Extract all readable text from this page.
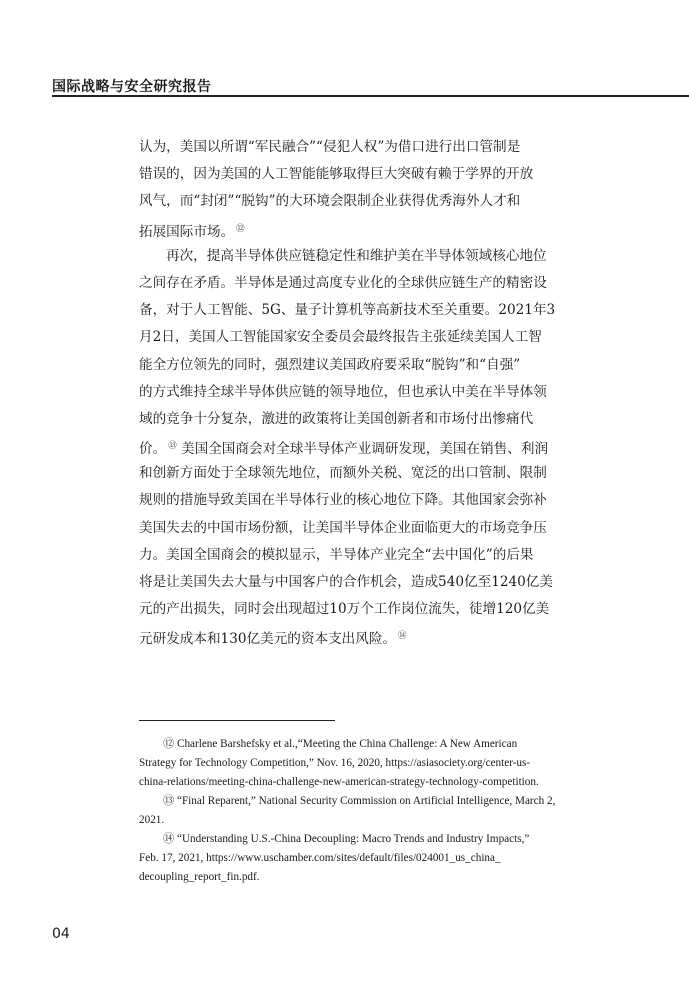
国际战略与安全研究报告
认为，美国以所谓“军民融合”“侵犯人权”为借口进行出口管制是
错误的，因为美国的人工智能能够取得巨大突破有赖于学界的开放
风气，而“封闭”“脱钩”的大环境会限制企业获得优秀海外人才和
拓展国际市场。 ⑫
再次，提高半导体供应链稳定性和维护美在半导体领域核心地位
之间存在矛盾。半导体是通过高度专业化的全球供应链生产的精密设
备，对于人工智能、5G、量子计算机等高新技术至关重要。2021年3
月2日，美国人工智能国家安全委员会最终报告主张延续美国人工智
能全方位领先的同时，强烈建议美国政府要采取“脱钩”和“自强”
的方式维持全球半导体供应链的领导地位，但也承认中美在半导体领
域的竞争十分复杂，激进的政策将让美国创新者和市场付出惨痛代
价。 ⑬ 美国全国商会对全球半导体产业调研发现，美国在销售、利润
和创新方面处于全球领先地位，而额外关税、宽泛的出口管制、限制
规则的措施导致美国在半导体行业的核心地位下降。其他国家会弥补
美国失去的中国市场份额，让美国半导体企业面临更大的市场竞争压
力。美国全国商会的模拟显示，半导体产业完全“去中国化”的后果
将是让美国失去大量与中国客户的合作机会，造成540亿至1240亿美
元的产出损失，同时会出现超过10万个工作岗位流失，徒增120亿美
元研发成本和130亿美元的资本支出风险。 ⑭
⑫ Charlene Barshefsky et al.,“Meeting the China Challenge: A New American
Strategy for Technology Competition,” Nov. 16, 2020, https://asiasociety.org/center-us-
china-relations/meeting-china-challenge-new-american-strategy-technology-competition.
⑬ “Final Reparent,” National Security Commission on Artificial Intelligence, March 2,
2021.
⑭ “Understanding U.S.-China Decoupling: Macro Trends and Industry Impacts,”
Feb. 17, 2021, https://www.uschamber.com/sites/default/files/024001_us_china_
decoupling_report_fin.pdf.
04
